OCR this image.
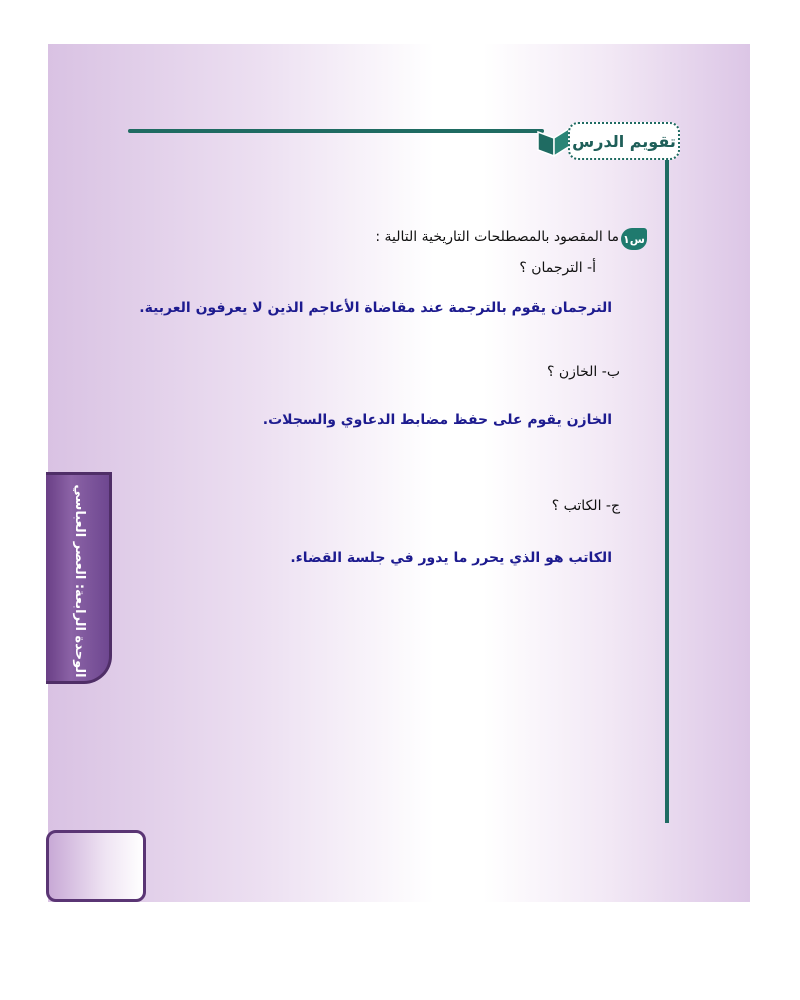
تقويم الدرس
س١
ما المقصود بالمصطلحات التاريخية التالية :
أ- الترجمان ؟
الترجمان يقوم بالترجمة عند مقاضاة الأعاجم الذين لا يعرفون العربية.
ب- الخازن ؟
الخازن يقوم على حفظ مضابط الدعاوي والسجلات.
ج- الكاتب ؟
الكاتب هو الذي يحرر ما يدور في جلسة القضاء.
الوحدة الرابعة: العصر العباسي
